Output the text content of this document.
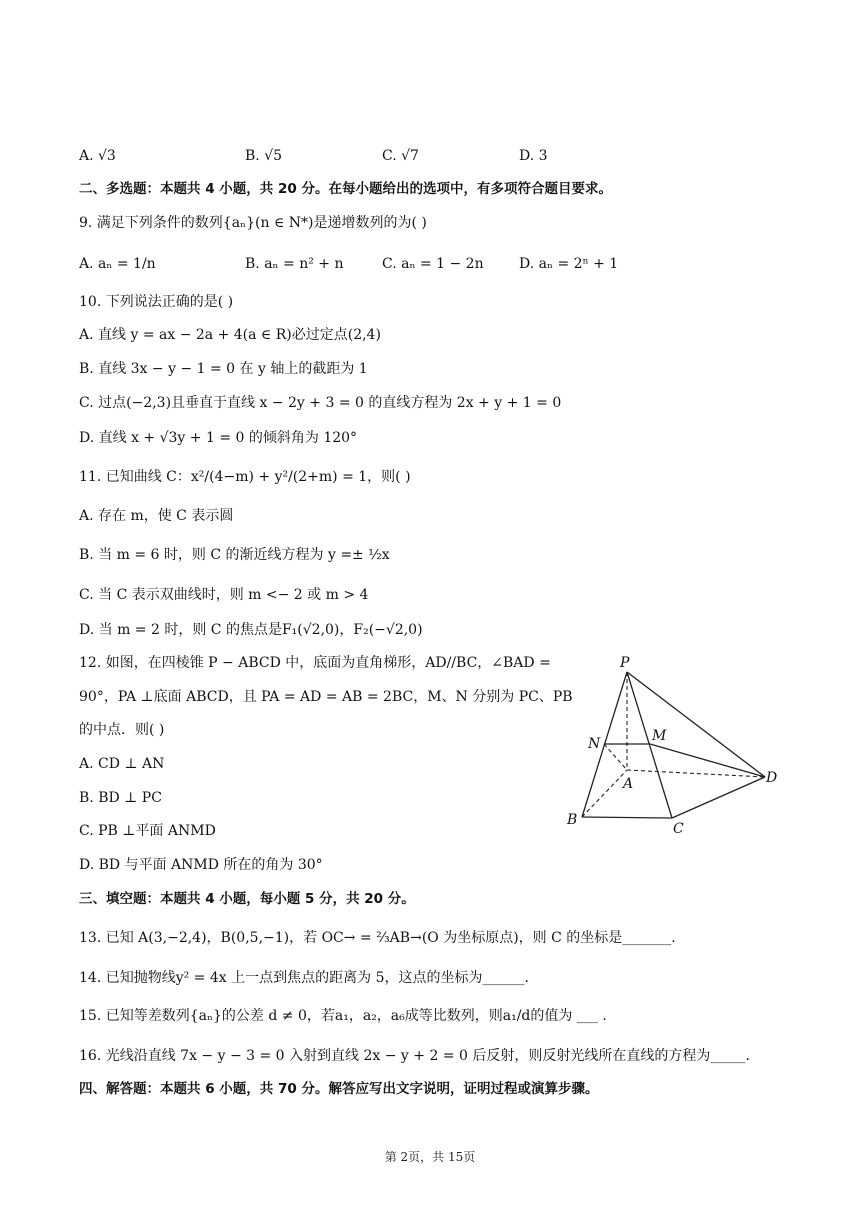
A. √3	B. √5	C. √7	D. 3
二、多选题：本题共 4 小题，共 20 分。在每小题给出的选项中，有多项符合题目要求。
9. 满足下列条件的数列{aₙ}(n ∈ N*)是递增数列的为( )
A. aₙ = 1/n	B. aₙ = n² + n	C. aₙ = 1 − 2n	D. aₙ = 2ⁿ + 1
10. 下列说法正确的是( )
A. 直线 y = ax − 2a + 4(a ∈ R)必过定点(2,4)
B. 直线 3x − y − 1 = 0 在 y 轴上的截距为 1
C. 过点(−2,3)且垂直于直线 x − 2y + 3 = 0 的直线方程为 2x + y + 1 = 0
D. 直线 x + √3y + 1 = 0 的倾斜角为 120°
11. 已知曲线 C：x²/(4−m) + y²/(2+m) = 1，则( )
A. 存在 m，使 C 表示圆
B. 当 m = 6 时，则 C 的渐近线方程为 y =± ½x
C. 当 C 表示双曲线时，则 m <− 2 或 m > 4
D. 当 m = 2 时，则 C 的焦点是F₁(√2,0)，F₂(−√2,0)
12. 如图，在四棱锥 P − ABCD 中，底面为直角梯形，AD//BC，∠BAD =
90°，PA ⊥底面 ABCD，且 PA = AD = AB = 2BC，M、N 分别为 PC、PB
的中点．则( )
A. CD ⊥ AN
B. BD ⊥ PC
C. PB ⊥平面 ANMD
D. BD 与平面 ANMD 所在的角为 30°
P
N	M
A	D
B
C
三、填空题：本题共 4 小题，每小题 5 分，共 20 分。
13. 已知 A(3,−2,4)，B(0,5,−1)，若 OC→ = ⅔AB→(O 为坐标原点)，则 C 的坐标是_______.
14. 已知抛物线y² = 4x 上一点到焦点的距离为 5，这点的坐标为______.
15. 已知等差数列{aₙ}的公差 d ≠ 0，若a₁，a₂，a₆成等比数列，则a₁/d的值为 ___ .
16. 光线沿直线 7x − y − 3 = 0 入射到直线 2x − y + 2 = 0 后反射，则反射光线所在直线的方程为_____.
四、解答题：本题共 6 小题，共 70 分。解答应写出文字说明，证明过程或演算步骤。
第 2页，共 15页
